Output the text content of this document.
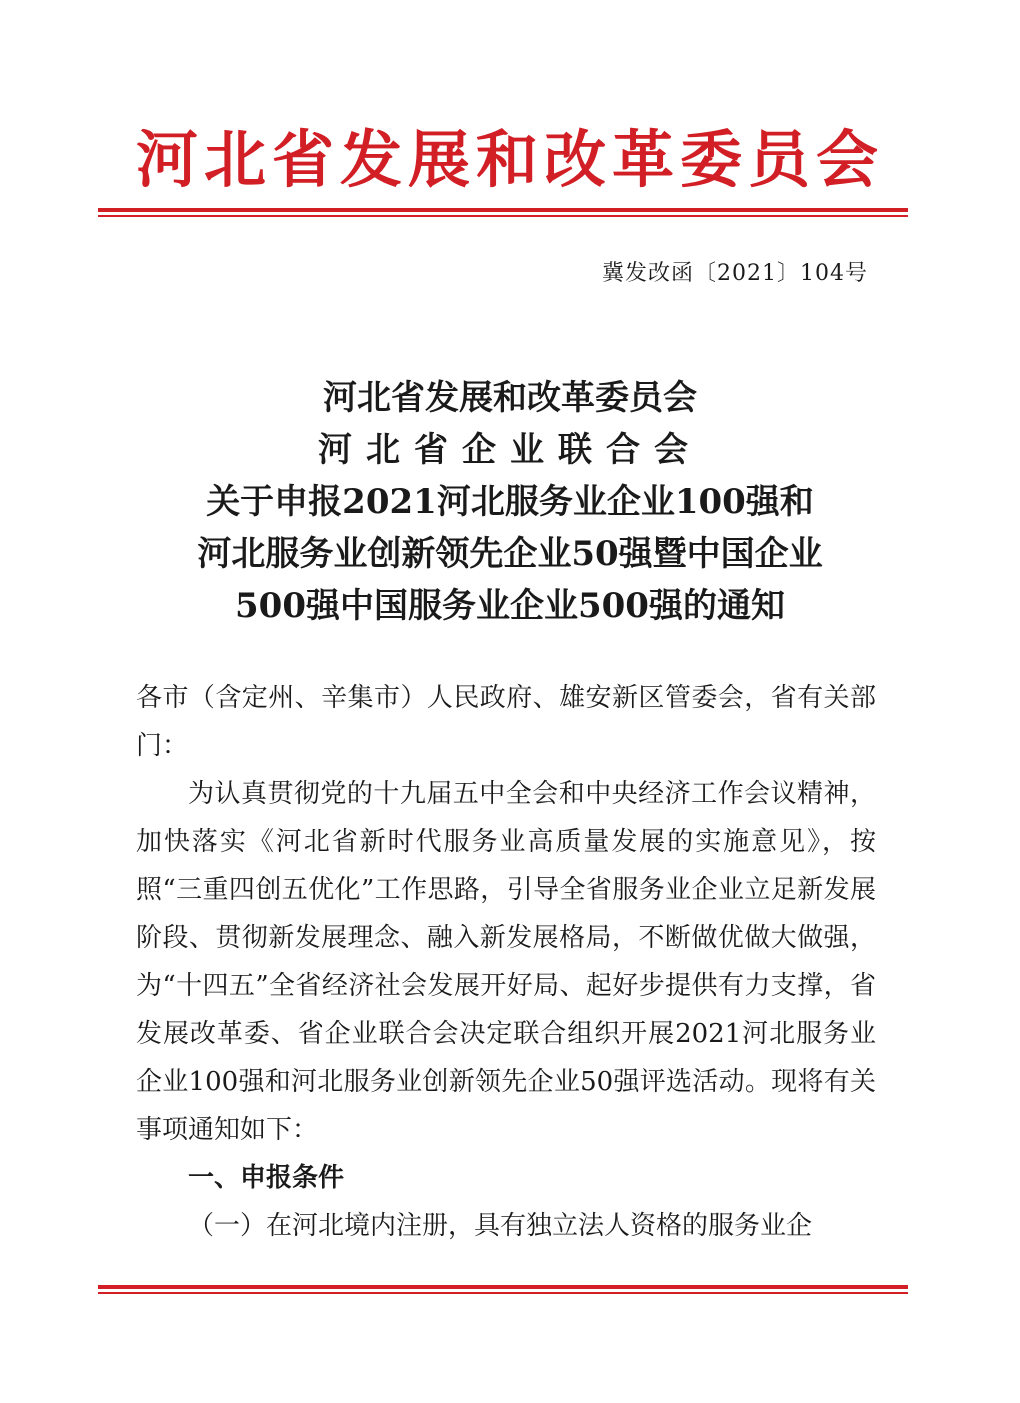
河北省发展和改革委员会
冀发改函〔2021〕104号
河北省发展和改革委员会
河北省企业联合会
关于申报2021河北服务业企业100强和
河北服务业创新领先企业50强暨中国企业
500强中国服务业企业500强的通知

各市（含定州、辛集市）人民政府、雄安新区管委会，省有关部门：

为认真贯彻党的十九届五中全会和中央经济工作会议精神，加快落实《河北省新时代服务业高质量发展的实施意见》，按照“三重四创五优化”工作思路，引导全省服务业企业立足新发展阶段、贯彻新发展理念、融入新发展格局，不断做优做大做强，为“十四五”全省经济社会发展开好局、起好步提供有力支撑，省发展改革委、省企业联合会决定联合组织开展2021河北服务业企业100强和河北服务业创新领先企业50强评选活动。现将有关事项通知如下：

一、申报条件

（一）在河北境内注册，具有独立法人资格的服务业企
